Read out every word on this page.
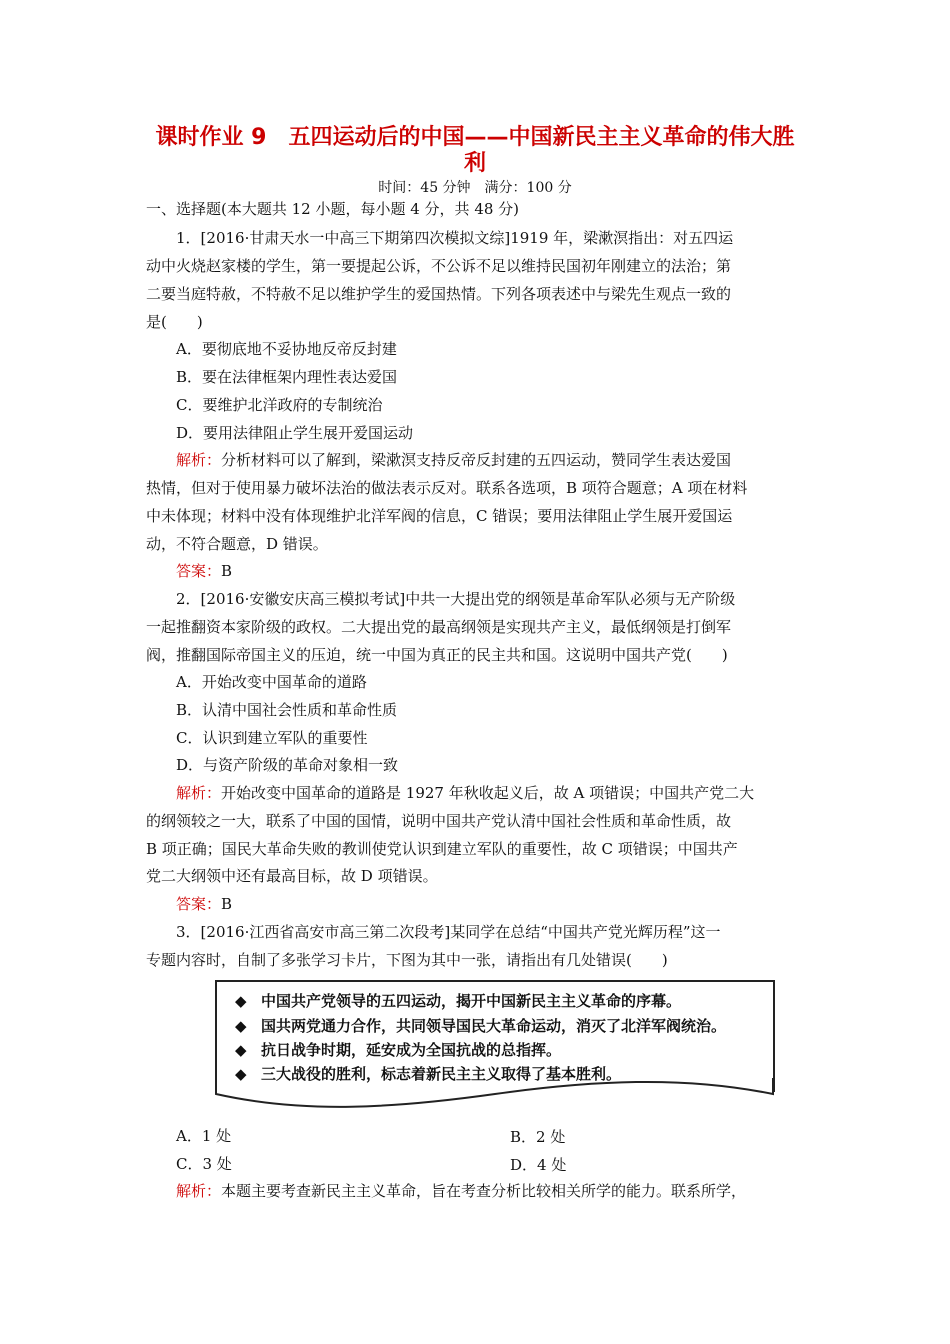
课时作业 9　五四运动后的中国——中国新民主主义革命的伟大胜
利
时间：45 分钟　满分：100 分
一、选择题(本大题共 12 小题，每小题 4 分，共 48 分)
1．[2016·甘肃天水一中高三下期第四次模拟文综]1919 年，梁漱溟指出：对五四运
动中火烧赵家楼的学生，第一要提起公诉，不公诉不足以维持民国初年刚建立的法治；第
二要当庭特赦，不特赦不足以维护学生的爱国热情。下列各项表述中与梁先生观点一致的
是(　　)
A．要彻底地不妥协地反帝反封建
B．要在法律框架内理性表达爱国
C．要维护北洋政府的专制统治
D．要用法律阻止学生展开爱国运动
解析：分析材料可以了解到，梁漱溟支持反帝反封建的五四运动，赞同学生表达爱国
热情，但对于使用暴力破坏法治的做法表示反对。联系各选项，B 项符合题意；A 项在材料
中未体现；材料中没有体现维护北洋军阀的信息，C 错误；要用法律阻止学生展开爱国运
动，不符合题意，D 错误。
答案：B
2．[2016·安徽安庆高三模拟考试]中共一大提出党的纲领是革命军队必须与无产阶级
一起推翻资本家阶级的政权。二大提出党的最高纲领是实现共产主义，最低纲领是打倒军
阀，推翻国际帝国主义的压迫，统一中国为真正的民主共和国。这说明中国共产党(　　)
A．开始改变中国革命的道路
B．认清中国社会性质和革命性质
C．认识到建立军队的重要性
D．与资产阶级的革命对象相一致
解析：开始改变中国革命的道路是 1927 年秋收起义后，故 A 项错误；中国共产党二大
的纲领较之一大，联系了中国的国情，说明中国共产党认清中国社会性质和革命性质，故
B 项正确；国民大革命失败的教训使党认识到建立军队的重要性，故 C 项错误；中国共产
党二大纲领中还有最高目标，故 D 项错误。
答案：B
3．[2016·江西省高安市高三第二次段考]某同学在总结“中国共产党光辉历程”这一
专题内容时，自制了多张学习卡片，下图为其中一张，请指出有几处错误(　　)
◆ 中国共产党领导的五四运动，揭开中国新民主主义革命的序幕。
◆ 国共两党通力合作，共同领导国民大革命运动，消灭了北洋军阀统治。
◆ 抗日战争时期，延安成为全国抗战的总指挥。
◆ 三大战役的胜利，标志着新民主主义取得了基本胜利。
A．1 处	B．2 处
C．3 处	D．4 处
解析：本题主要考查新民主主义革命，旨在考查分析比较相关所学的能力。联系所学，
